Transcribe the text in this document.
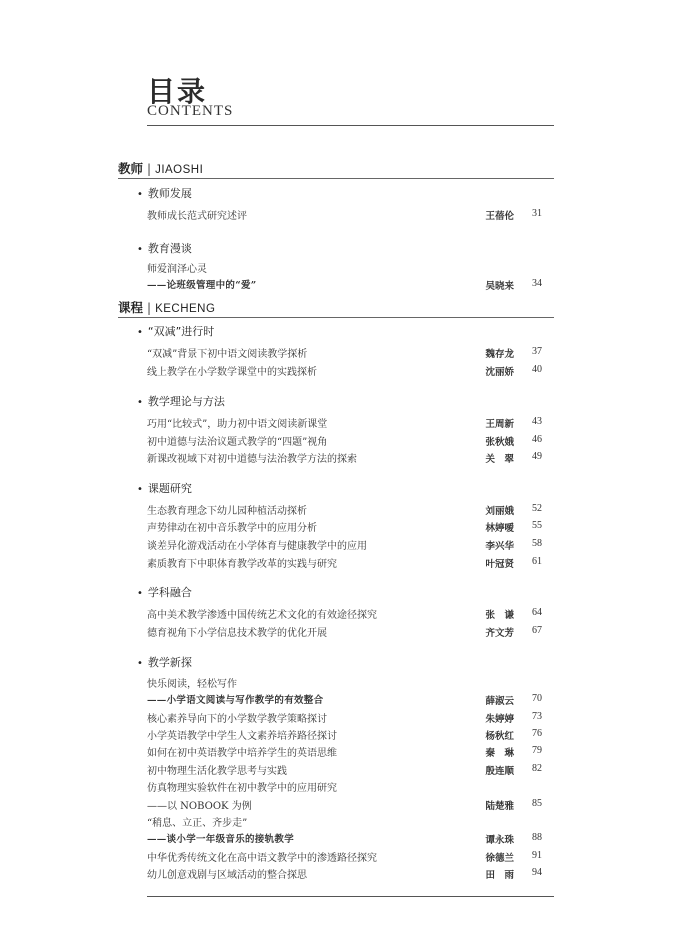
目录
CONTENTS
教师 | JIAOSHI
• 教师发展
教师成长范式研究述评	王蓓伦	31
• 教育漫谈
师爱润泽心灵
——论班级管理中的“爱”	吴晓来	34
课程 | KECHENG
• “双减”进行时
“双减”背景下初中语文阅读教学探析	魏存龙	37
线上教学在小学数学课堂中的实践探析	沈丽娇	40
• 教学理论与方法
巧用“比较式”，助力初中语文阅读新课堂	王周新	43
初中道德与法治议题式教学的“四题”视角	张秋娥	46
新课改视域下对初中道德与法治教学方法的探索	关　翠	49
• 课题研究
生态教育理念下幼儿园种植活动探析	刘丽娥	52
声势律动在初中音乐教学中的应用分析	林婷嗳	55
谈差异化游戏活动在小学体育与健康教学中的应用	李兴华	58
素质教育下中职体育教学改革的实践与研究	叶冠贤	61
• 学科融合
高中美术教学渗透中国传统艺术文化的有效途径探究	张　谦	64
德育视角下小学信息技术教学的优化开展	齐文芳	67
• 教学新探
快乐阅读，轻松写作
——小学语文阅读与写作教学的有效整合	薛淑云	70
核心素养导向下的小学数学教学策略探讨	朱婷婷	73
小学英语教学中学生人文素养培养路径探讨	杨秋红	76
如何在初中英语教学中培养学生的英语思维	秦　琳	79
初中物理生活化教学思考与实践	殷连顺	82
仿真物理实验软件在初中教学中的应用研究
——以 NOBOOK 为例	陆楚雅	85
“稍息、立正、齐步走”
——谈小学一年级音乐的接轨教学	谭永珠	88
中华优秀传统文化在高中语文教学中的渗透路径探究	徐德兰	91
幼儿创意戏剧与区域活动的整合探思	田　雨	94
